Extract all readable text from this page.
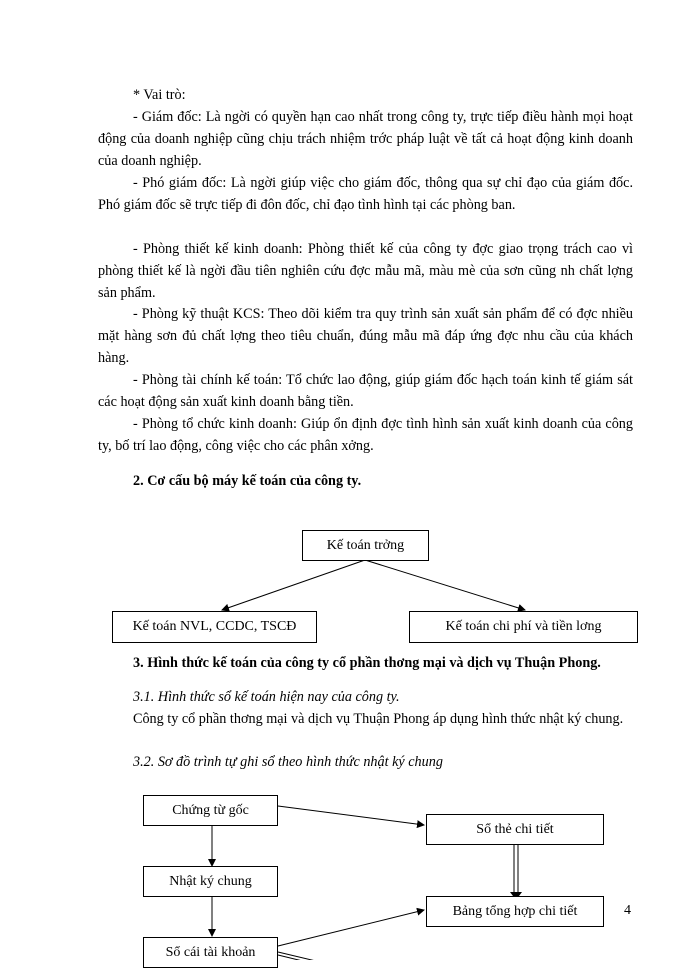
* Vai trò:
- Giám đốc: Là ngời có quyền hạn cao nhất trong công ty, trực tiếp điều hành mọi hoạt động của doanh nghiệp cũng chịu trách nhiệm trớc pháp luật về tất cả hoạt động kinh doanh của doanh nghiệp.
- Phó giám đốc: Là ngời giúp việc cho giám đốc, thông qua sự chỉ đạo của giám đốc. Phó giám đốc sẽ trực tiếp đi đôn đốc, chỉ đạo tình hình tại các phòng ban.
- Phòng thiết kế kinh doanh: Phòng thiết kế của công ty đợc giao trọng trách cao vì phòng thiết kế là ngời đầu tiên nghiên cứu đợc mẫu mã, màu mè của sơn cũng nh chất lợng sản phẩm.
- Phòng kỹ thuật KCS: Theo dõi kiểm tra quy trình sản xuất sản phẩm để có đợc nhiều mặt hàng sơn đủ chất lợng theo tiêu chuẩn, đúng mẫu mã đáp ứng đợc nhu cầu của khách hàng.
- Phòng tài chính kế toán: Tổ chức lao động, giúp giám đốc hạch toán kinh tế giám sát các hoạt động sản xuất kinh doanh bằng tiền.
- Phòng tổ chức kinh doanh: Giúp ổn định đợc tình hình sản xuất kinh doanh của công ty, bố trí lao động, công việc cho các phân xởng.
2. Cơ cấu bộ máy kế toán của công ty.
Kế toán trởng
Kế toán NVL, CCDC, TSCĐ	Kế toán chi phí và tiền lơng
3. Hình thức kế toán của công ty cổ phần thơng mại và dịch vụ Thuận Phong.
3.1. Hình thức sổ kế toán hiện nay của công ty.
Công ty cổ phần thơng mại và dịch vụ Thuận Phong áp dụng hình thức nhật ký chung.
3.2. Sơ đồ trình tự ghi sổ theo hình thức nhật ký chung
Chứng từ gốc
Sổ thẻ chi tiết
Nhật ký chung
Bảng tổng hợp chi tiết
Sổ cái tài khoản
4
